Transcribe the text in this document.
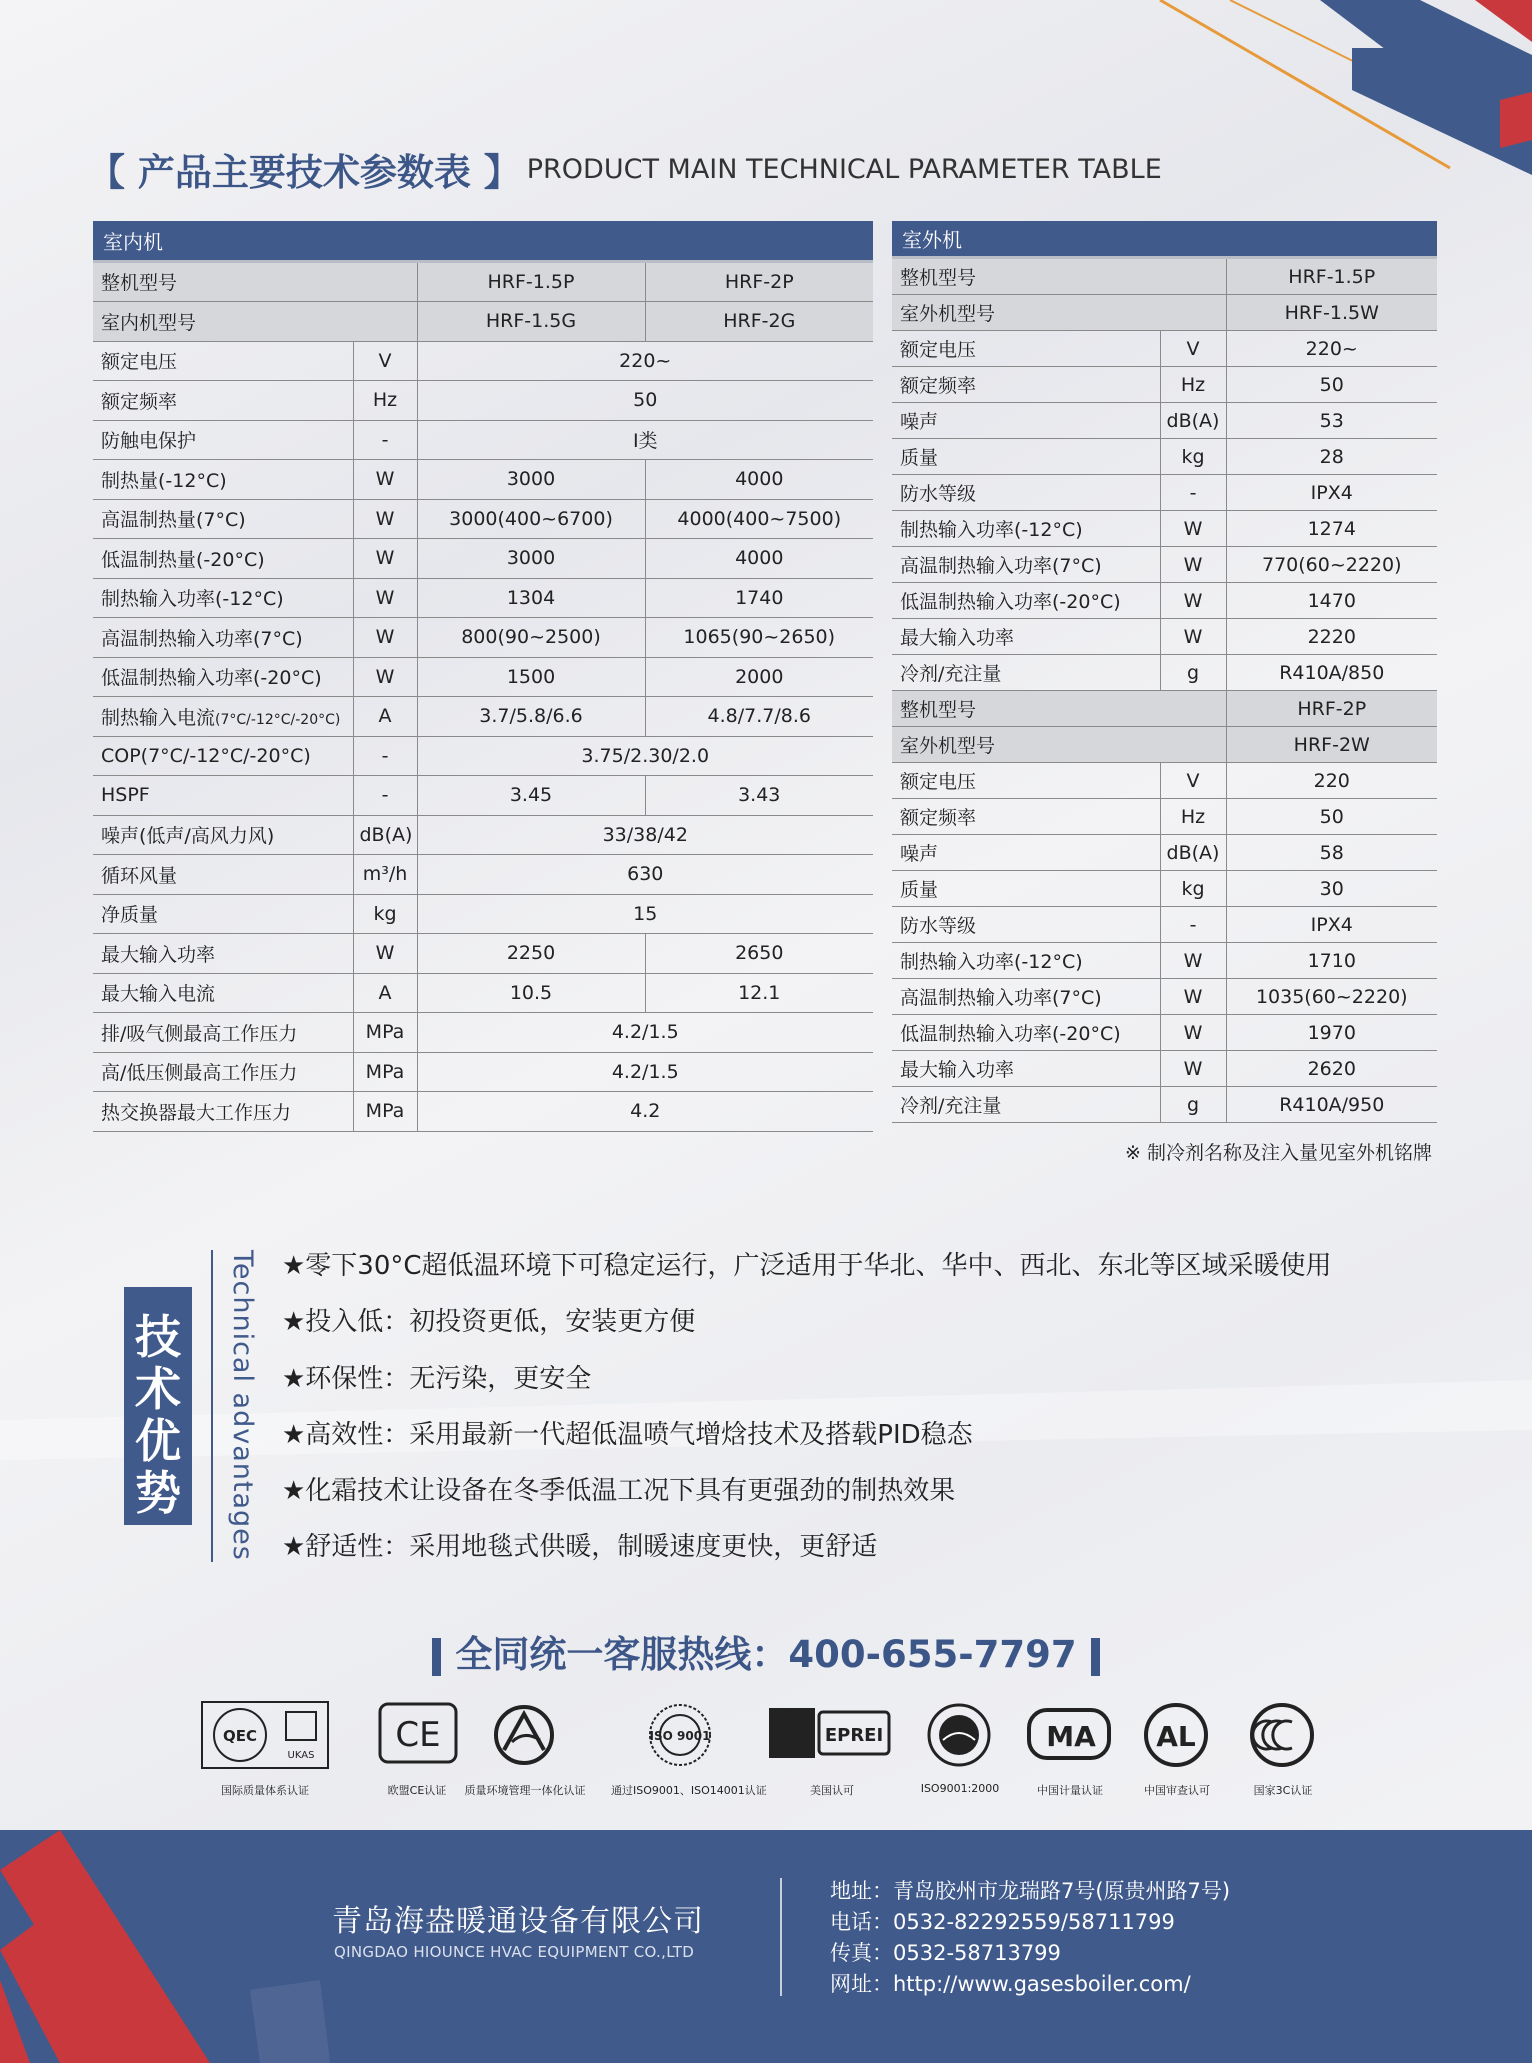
【 产品主要技术参数表 】 PRODUCT MAIN TECHNICAL PARAMETER TABLE
室内机			
整机型号		HRF-1.5P	HRF-2P
室内机型号		HRF-1.5G	HRF-2G
额定电压	V	220~	
额定频率	Hz	50	
防触电保护	-	I类	
制热量(-12°C)	W	3000	4000
高温制热量(7°C)	W	3000(400~6700)	4000(400~7500)
低温制热量(-20°C)	W	3000	4000
制热输入功率(-12°C)	W	1304	1740
高温制热输入功率(7°C)	W	800(90~2500)	1065(90~2650)
低温制热输入功率(-20°C)	W	1500	2000
制热输入电流(7°C/-12°C/-20°C)	A	3.7/5.8/6.6	4.8/7.7/8.6
COP(7°C/-12°C/-20°C)	-	3.75/2.30/2.0	
HSPF	-	3.45	3.43
噪声(低声/高风力风)	dB(A)	33/38/42	
循环风量	m³/h	630	
净质量	kg	15	
最大输入功率	W	2250	2650
最大输入电流	A	10.5	12.1
排/吸气侧最高工作压力	MPa	4.2/1.5	
高/低压侧最高工作压力	MPa	4.2/1.5	
热交换器最大工作压力	MPa	4.2	
室外机		
整机型号		HRF-1.5P
室外机型号		HRF-1.5W
额定电压	V	220~
额定频率	Hz	50
噪声	dB(A)	53
质量	kg	28
防水等级	-	IPX4
制热输入功率(-12°C)	W	1274
高温制热输入功率(7°C)	W	770(60~2220)
低温制热输入功率(-20°C)	W	1470
最大输入功率	W	2220
冷剂/充注量	g	R410A/850
整机型号		HRF-2P
室外机型号		HRF-2W
额定电压	V	220
额定频率	Hz	50
噪声	dB(A)	58
质量	kg	30
防水等级	-	IPX4
制热输入功率(-12°C)	W	1710
高温制热输入功率(7°C)	W	1035(60~2220)
低温制热输入功率(-20°C)	W	1970
最大输入功率	W	2620
冷剂/充注量	g	R410A/950
※ 制冷剂名称及注入量见室外机铭牌
技术优势	Technical advantages ★零下30°C超低温环境下可稳定运行，广泛适用于华北、华中、西北、东北等区域采暖使用
★投入低：初投资更低，安装更方便
★环保性：无污染，更安全
★高效性：采用最新一代超低温喷气增焓技术及搭载PID稳态
★化霜技术让设备在冬季低温工况下具有更强劲的制热效果
★舒适性：采用地毯式供暖，制暖速度更快，更舒适
全同统一客服热线：400-655-7797
QEC
UKAS
国际质量体系认证
CE
欧盟CE认证	质量环境管理一体化认证
ISO 9001
通过ISO9001、ISO14001认证
EPREI
美国认可	ISO9001:2000
MA
中国计量认证
AL
中国审查认可	国家3C认证
青岛海盎暖通设备有限公司
QINGDAO HIOUNCE HVAC EQUIPMENT CO.,LTD
地址：青岛胶州市龙瑞路7号(原贵州路7号)
电话：0532-82292559/58711799
传真：0532-58713799
网址：http://www.gasesboiler.com/
